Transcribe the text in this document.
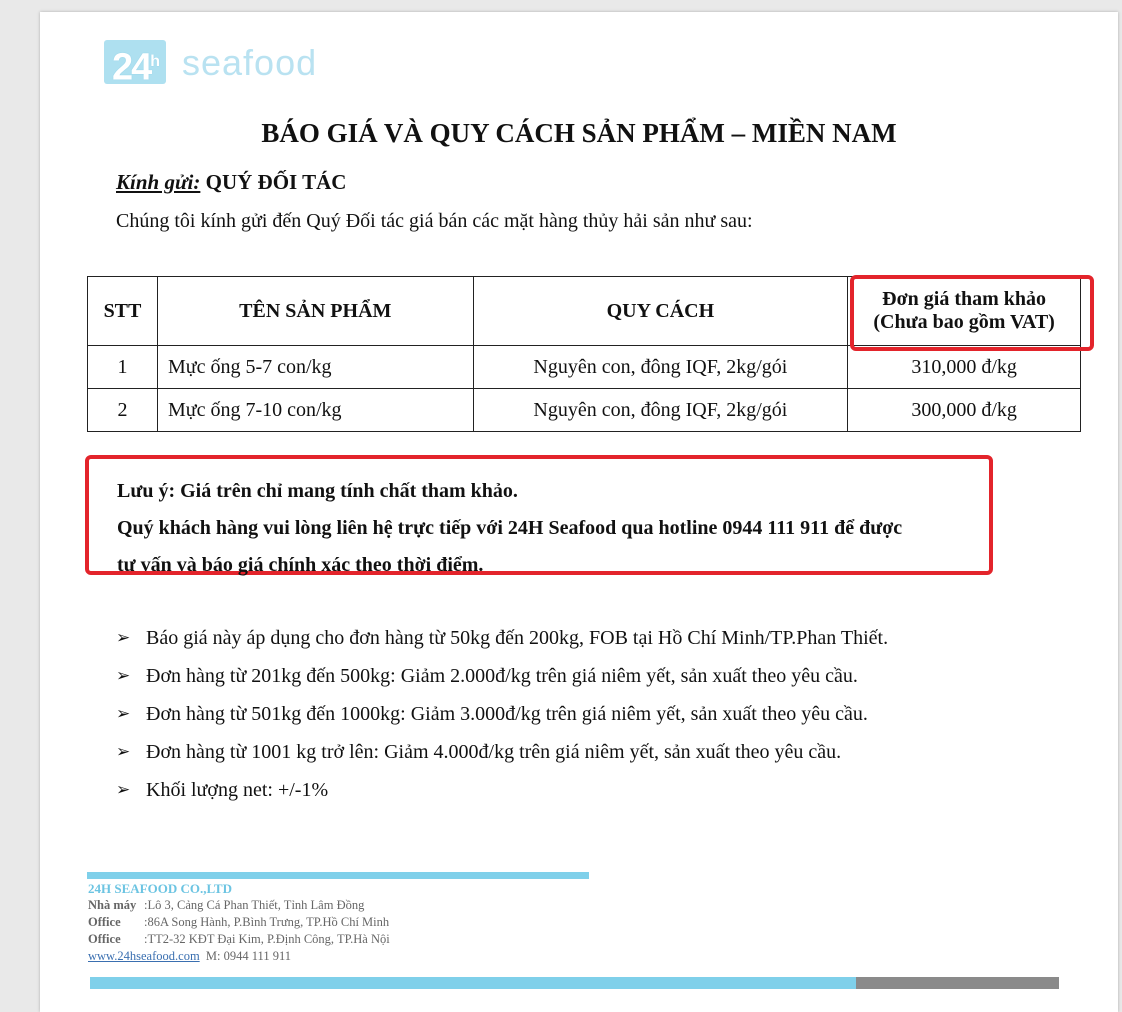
24$^h$ seafood
BÁO GIÁ VÀ QUY CÁCH SẢN PHẨM – MIỀN NAM
Kính gửi: QUÝ ĐỐI TÁC
Chúng tôi kính gửi đến Quý Đối tác giá bán các mặt hàng thủy hải sản như sau:
STT	TÊN SẢN PHẨM	QUY CÁCH	Đơn giá tham khảo
(Chưa bao gồm VAT)

1	Mực ống 5-7 con/kg	Nguyên con, đông IQF, 2kg/gói	310,000 đ/kg
2	Mực ống 7-10 con/kg	Nguyên con, đông IQF, 2kg/gói	300,000 đ/kg
Lưu ý: Giá trên chỉ mang tính chất tham khảo.
Quý khách hàng vui lòng liên hệ trực tiếp với 24H Seafood qua hotline 0944 111 911 để được
tư vấn và báo giá chính xác theo thời điểm.
➢ Báo giá này áp dụng cho đơn hàng từ 50kg đến 200kg, FOB tại Hồ Chí Minh/TP.Phan Thiết.
➢ Đơn hàng từ 201kg đến 500kg: Giảm 2.000đ/kg trên giá niêm yết, sản xuất theo yêu cầu.
➢ Đơn hàng từ 501kg đến 1000kg: Giảm 3.000đ/kg trên giá niêm yết, sản xuất theo yêu cầu.
➢ Đơn hàng từ 1001 kg trở lên: Giảm 4.000đ/kg trên giá niêm yết, sản xuất theo yêu cầu.
➢ Khối lượng net: +/-1%
24H SEAFOOD CO.,LTD
Nhà máy :Lô 3, Cảng Cá Phan Thiết, Tỉnh Lâm Đồng
Office :86A Song Hành, P.Bình Trưng, TP.Hồ Chí Minh
Office :TT2-32 KĐT Đại Kim, P.Định Công, TP.Hà Nội
www.24hseafood.com M: 0944 111 911
